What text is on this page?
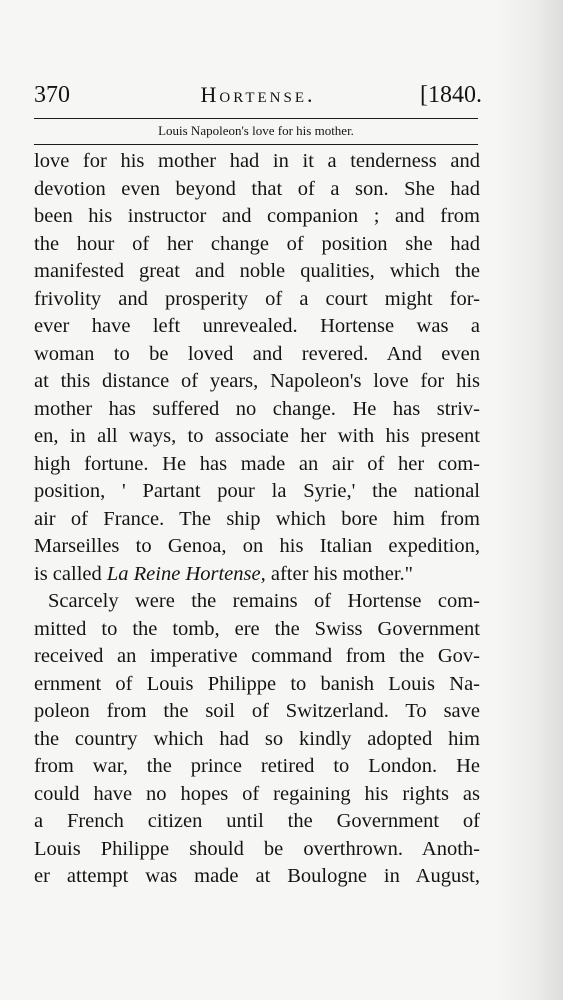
370	Hortense.	[1840.
Louis Napoleon's love for his mother.
love for his mother had in it a tenderness and
devotion even beyond that of a son. She had
been his instructor and companion ; and from
the hour of her change of position she had
manifested great and noble qualities, which the
frivolity and prosperity of a court might for-
ever have left unrevealed. Hortense was a
woman to be loved and revered. And even
at this distance of years, Napoleon's love for his
mother has suffered no change. He has striv-
en, in all ways, to associate her with his present
high fortune. He has made an air of her com-
position, ' Partant pour la Syrie,' the national
air of France. The ship which bore him from
Marseilles to Genoa, on his Italian expedition,
is called La Reine Hortense, after his mother."
Scarcely were the remains of Hortense com-
mitted to the tomb, ere the Swiss Government
received an imperative command from the Gov-
ernment of Louis Philippe to banish Louis Na-
poleon from the soil of Switzerland. To save
the country which had so kindly adopted him
from war, the prince retired to London. He
could have no hopes of regaining his rights as
a French citizen until the Government of
Louis Philippe should be overthrown. Anoth-
er attempt was made at Boulogne in August,
